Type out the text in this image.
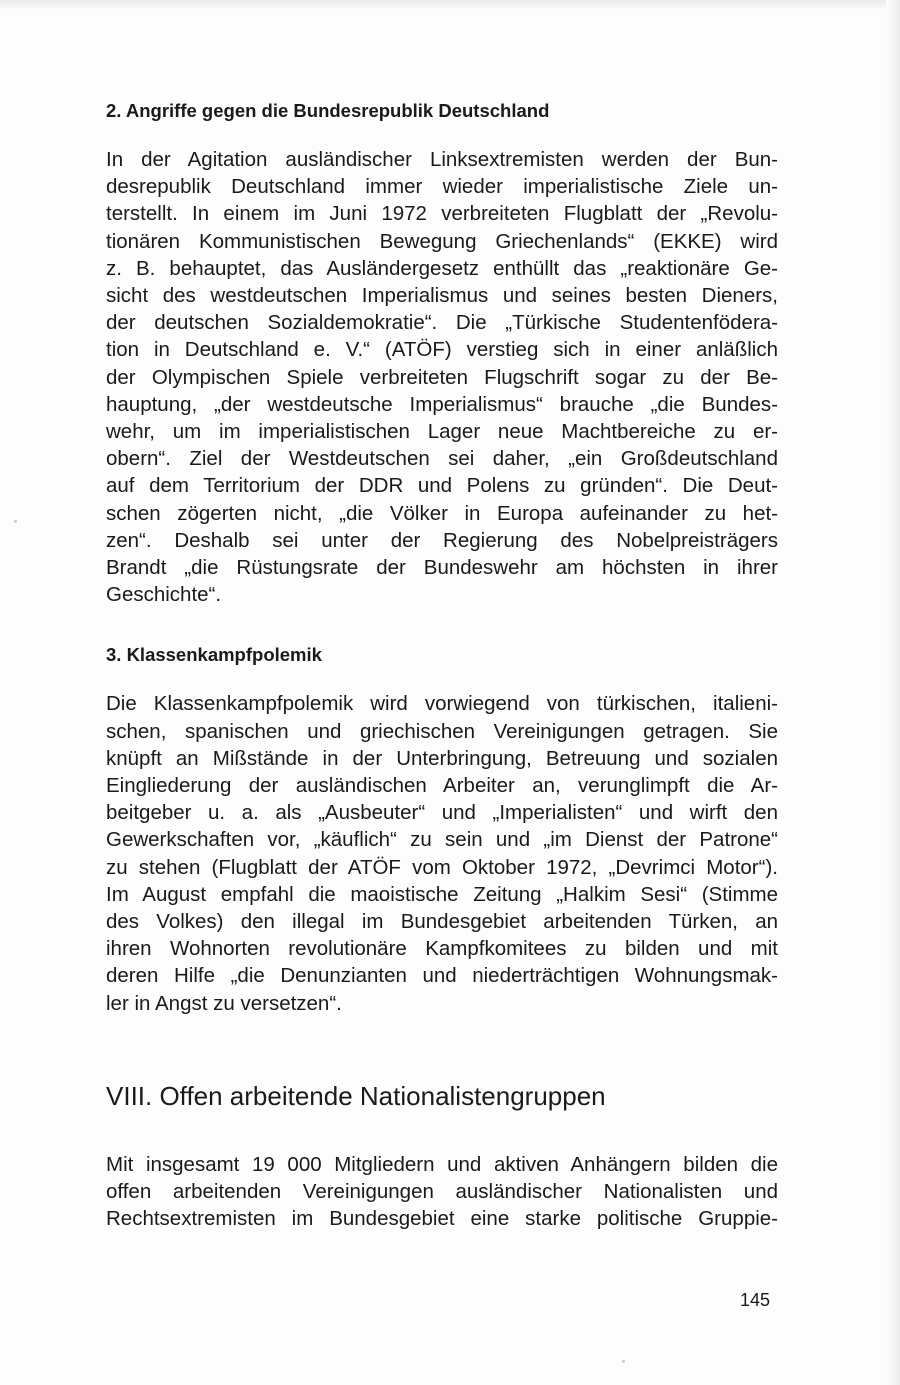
2. Angriffe gegen die Bundesrepublik Deutschland
In der Agitation ausländischer Linksextremisten werden der Bun-
desrepublik Deutschland immer wieder imperialistische Ziele un-
terstellt. In einem im Juni 1972 verbreiteten Flugblatt der „Revolu-
tionären Kommunistischen Bewegung Griechenlands“ (EKKE) wird
z. B. behauptet, das Ausländergesetz enthüllt das „reaktionäre Ge-
sicht des westdeutschen Imperialismus und seines besten Dieners,
der deutschen Sozialdemokratie“. Die „Türkische Studentenfödera-
tion in Deutschland e. V.“ (ATÖF) verstieg sich in einer anläßlich
der Olympischen Spiele verbreiteten Flugschrift sogar zu der Be-
hauptung, „der westdeutsche Imperialismus“ brauche „die Bundes-
wehr, um im imperialistischen Lager neue Machtbereiche zu er-
obern“. Ziel der Westdeutschen sei daher, „ein Großdeutschland
auf dem Territorium der DDR und Polens zu gründen“. Die Deut-
schen zögerten nicht, „die Völker in Europa aufeinander zu het-
zen“. Deshalb sei unter der Regierung des Nobelpreisträgers
Brandt „die Rüstungsrate der Bundeswehr am höchsten in ihrer
Geschichte“.
3. Klassenkampfpolemik
Die Klassenkampfpolemik wird vorwiegend von türkischen, italieni-
schen, spanischen und griechischen Vereinigungen getragen. Sie
knüpft an Mißstände in der Unterbringung, Betreuung und sozialen
Eingliederung der ausländischen Arbeiter an, verunglimpft die Ar-
beitgeber u. a. als „Ausbeuter“ und „Imperialisten“ und wirft den
Gewerkschaften vor, „käuflich“ zu sein und „im Dienst der Patrone“
zu stehen (Flugblatt der ATÖF vom Oktober 1972, „Devrimci Motor“).
Im August empfahl die maoistische Zeitung „Halkim Sesi“ (Stimme
des Volkes) den illegal im Bundesgebiet arbeitenden Türken, an
ihren Wohnorten revolutionäre Kampfkomitees zu bilden und mit
deren Hilfe „die Denunzianten und niederträchtigen Wohnungsmak-
ler in Angst zu versetzen“.
VIII. Offen arbeitende Nationalistengruppen
Mit insgesamt 19 000 Mitgliedern und aktiven Anhängern bilden die
offen arbeitenden Vereinigungen ausländischer Nationalisten und
Rechtsextremisten im Bundesgebiet eine starke politische Gruppie-
145
